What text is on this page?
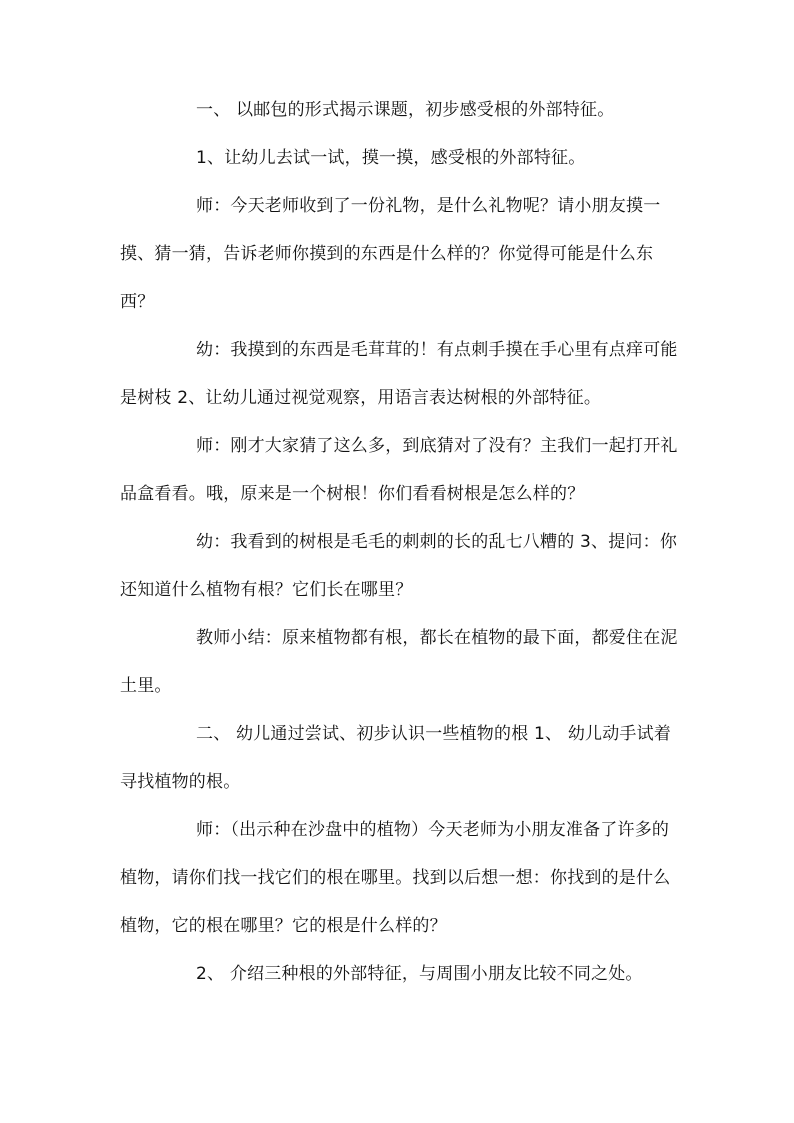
一、 以邮包的形式揭示课题，初步感受根的外部特征。
1、让幼儿去试一试，摸一摸，感受根的外部特征。
师：今天老师收到了一份礼物，是什么礼物呢？请小朋友摸一摸、猜一猜，告诉老师你摸到的东西是什么样的？你觉得可能是什么东西？
幼：我摸到的东西是毛茸茸的！有点刺手摸在手心里有点痒可能是树枝 2、让幼儿通过视觉观察，用语言表达树根的外部特征。
师：刚才大家猜了这么多，到底猜对了没有？主我们一起打开礼品盒看看。哦，原来是一个树根！你们看看树根是怎么样的？
幼：我看到的树根是毛毛的刺刺的长的乱七八糟的 3、提问：你还知道什么植物有根？它们长在哪里？
教师小结：原来植物都有根，都长在植物的最下面，都爱住在泥土里。
二、 幼儿通过尝试、初步认识一些植物的根 1、 幼儿动手试着寻找植物的根。
师：（出示种在沙盘中的植物）今天老师为小朋友准备了许多的植物，请你们找一找它们的根在哪里。找到以后想一想：你找到的是什么植物，它的根在哪里？它的根是什么样的？
2、 介绍三种根的外部特征，与周围小朋友比较不同之处。
